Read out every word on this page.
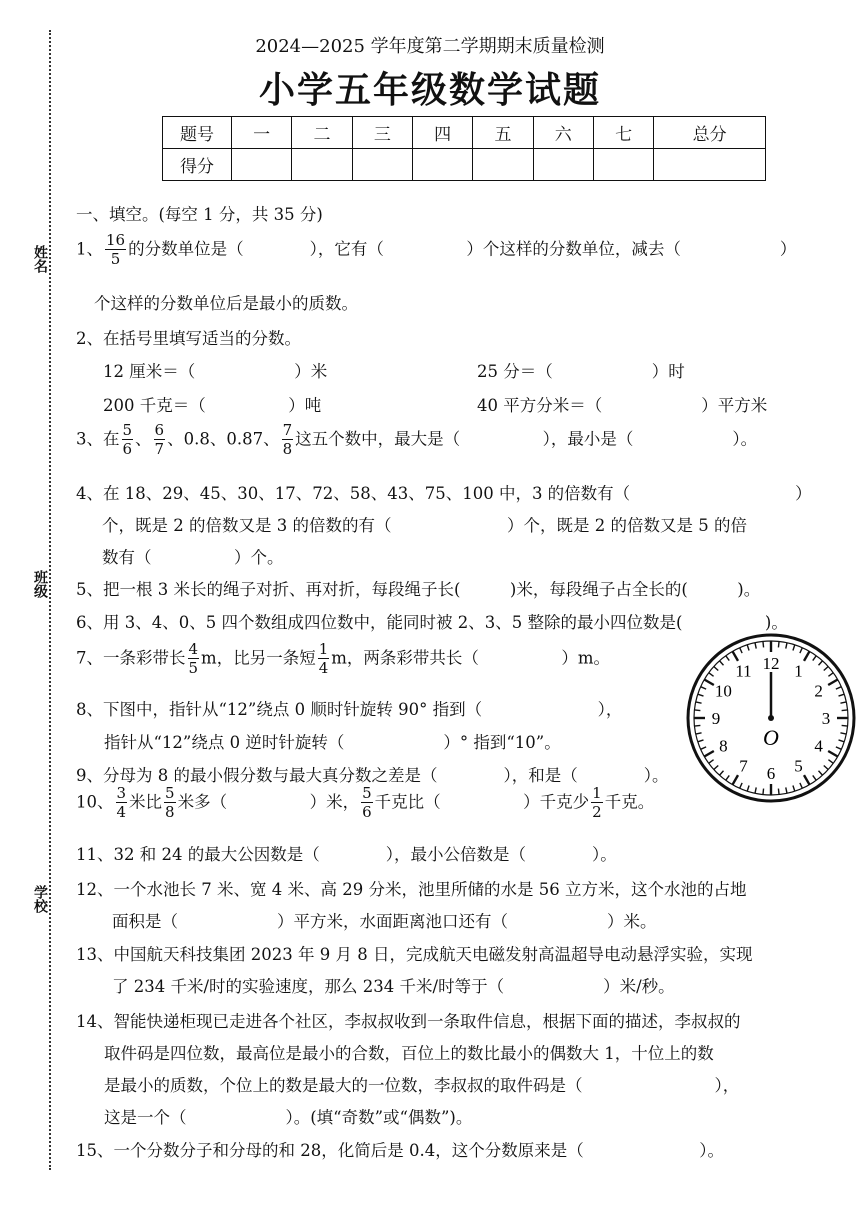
姓名
班级
学校
2024—2025 学年度第二学期期末质量检测
小学五年级数学试题
题号	一	二	三	四	五	六	七	总分
得分								
一、填空。(每空 1 分，共 35 分)
1、 $\frac{16}{5}$ 的分数单位是（　　　　），它有（　　　　　）个这样的分数单位，减去（　　　　　　）
个这样的分数单位后是最小的质数。
2、在括号里填写适当的分数。
12 厘米＝（　　　　　　）米	25 分＝（　　　　　　）时
200 千克＝（　　　　　）吨	40 平方分米＝（　　　　　　）平方米
3、在 $\frac{5}{6}$ 、 $\frac{6}{7}$ 、0.8、0.87、 $\frac{7}{8}$ 这五个数中，最大是（　　　　　），最小是（　　　　　　）。
4、在 18、29、45、30、17、72、58、43、75、100 中，3 的倍数有（　　　　　　　　　　）
个，既是 2 的倍数又是 3 的倍数的有（　　　　　　　）个，既是 2 的倍数又是 5 的倍
数有（　　　　　）个。
5、把一根 3 米长的绳子对折、再对折，每段绳子长(　　　)米，每段绳子占全长的(　　　)。
6、用 3、4、0、5 四个数组成四位数中，能同时被 2、3、5 整除的最小四位数是(　　　　　)。
7、一条彩带长 $\frac{4}{5}$ m，比另一条短 $\frac{1}{4}$ m，两条彩带共长（　　　　　）m。
8、下图中，指针从“12”绕点 0 顺时针旋转 90° 指到（　　　　　　　），
指针从“12”绕点 0 逆时针旋转（　　　　　　）° 指到“10”。
9、分母为 8 的最小假分数与最大真分数之差是（　　　　），和是（　　　　）。
10、 $\frac{3}{4}$ 米比 $\frac{5}{8}$ 米多（　　　　　）米， $\frac{5}{6}$ 千克比（　　　　　）千克少 $\frac{1}{2}$ 千克。
11、32 和 24 的最大公因数是（　　　　），最小公倍数是（　　　　）。
12、一个水池长 7 米、宽 4 米、高 29 分米，池里所储的水是 56 立方米，这个水池的占地
面积是（　　　　　　）平方米，水面距离池口还有（　　　　　　）米。
13、中国航天科技集团 2023 年 9 月 8 日，完成航天电磁发射高温超导电动悬浮实验，实现
了 234 千米/时的实验速度，那么 234 千米/时等于（　　　　　　）米/秒。
14、智能快递柜现已走进各个社区，李叔叔收到一条取件信息，根据下面的描述，李叔叔的
取件码是四位数，最高位是最小的合数，百位上的数比最小的偶数大 1，十位上的数
是最小的质数，个位上的数是最大的一位数，李叔叔的取件码是（　　　　　　　　），
这是一个（　　　　　　）。(填“奇数”或“偶数”)。
15、一个分数分子和分母的和 28，化简后是 0.4，这个分数原来是（　　　　　　　）。
12 1
2
3
4
5
6
7
8
9
10
11
O
